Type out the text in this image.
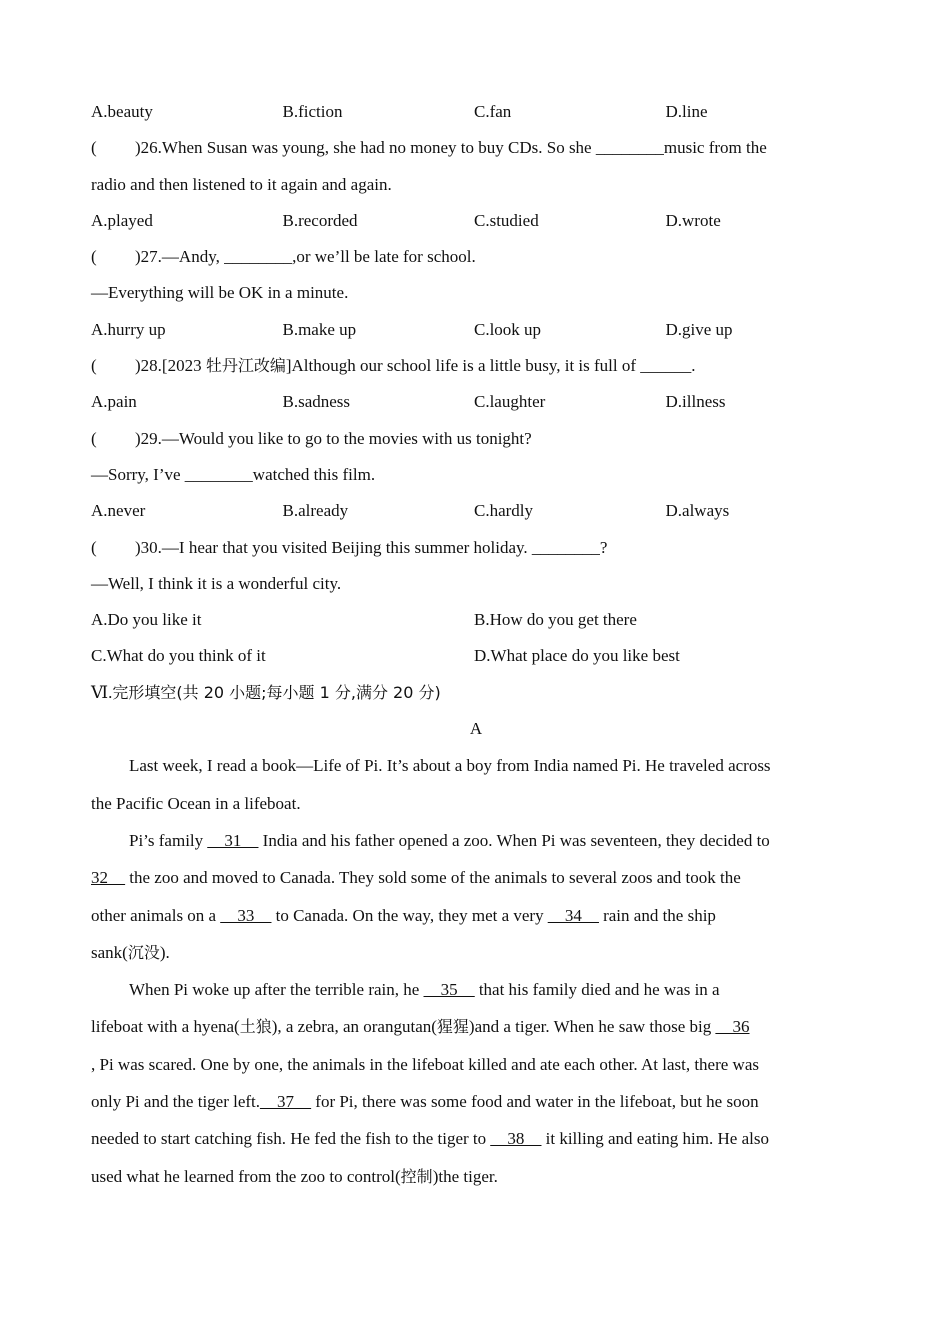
A.beauty	B.fiction	C.fan	D.line
( )26.When Susan was young, she had no money to buy CDs. So she ________music from the
radio and then listened to it again and again.
A.played	B.recorded	C.studied	D.wrote
( )27.—Andy, ________,or we’ll be late for school.
—Everything will be OK in a minute.
A.hurry up	B.make up	C.look up	D.give up
( )28.[2023 牡丹江改编]Although our school life is a little busy, it is full of ______.
A.pain	B.sadness	C.laughter	D.illness
( )29.—Would you like to go to the movies with us tonight?
—Sorry, I’ve ________watched this film.
A.never	B.already	C.hardly	D.always
( )30.—I hear that you visited Beijing this summer holiday. ________?
—Well, I think it is a wonderful city.
A.Do you like it	B.How do you get there
C.What do you think of it	D.What place do you like best
Ⅵ.完形填空(共 20 小题;每小题 1 分,满分 20 分)
A
Last week, I read a book—Life of Pi. It’s about a boy from India named Pi. He traveled across
the Pacific Ocean in a lifeboat.
Pi’s family __31__ India and his father opened a zoo. When Pi was seventeen, they decided to
32__ the zoo and moved to Canada. They sold some of the animals to several zoos and took the
other animals on a __33__ to Canada. On the way, they met a very __34__ rain and the ship
sank(沉没).
When Pi woke up after the terrible rain, he __35__ that his family died and he was in a
lifeboat with a hyena(土狼), a zebra, an orangutan(猩猩)and a tiger. When he saw those big __36
, Pi was scared. One by one, the animals in the lifeboat killed and ate each other. At last, there was
only Pi and the tiger left.__37__ for Pi, there was some food and water in the lifeboat, but he soon
needed to start catching fish. He fed the fish to the tiger to __38__ it killing and eating him. He also
used what he learned from the zoo to control(控制)the tiger.
